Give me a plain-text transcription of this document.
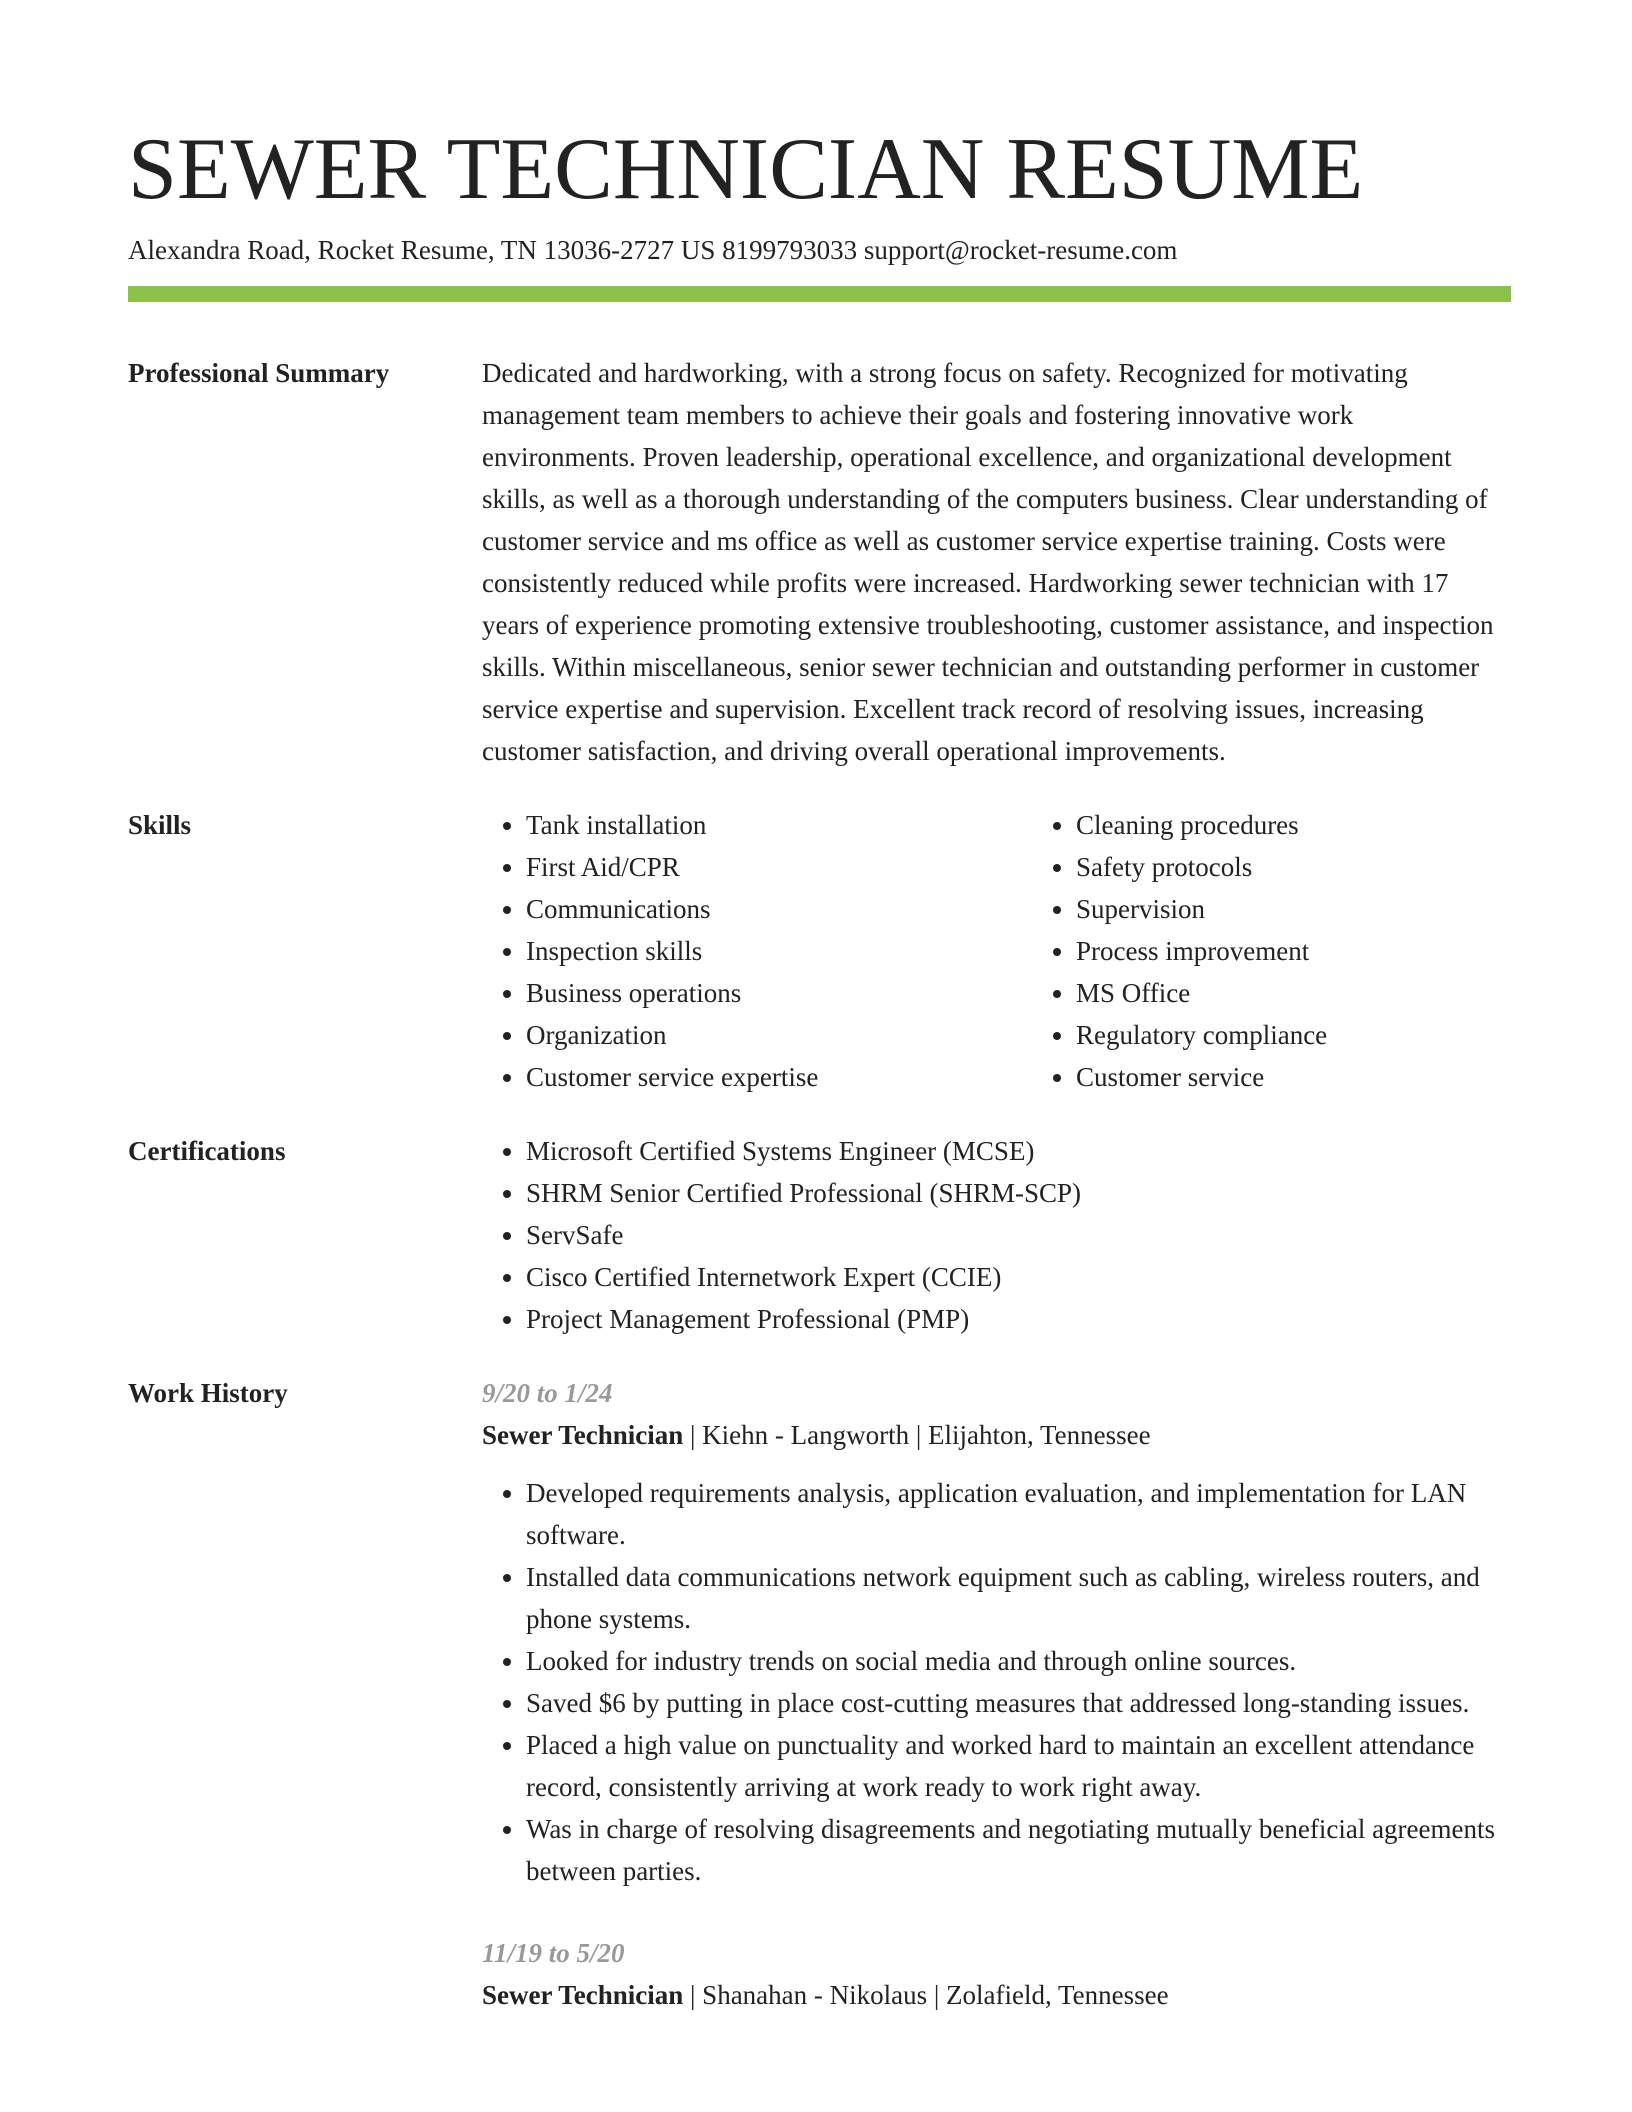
SEWER TECHNICIAN RESUME
Alexandra Road, Rocket Resume, TN 13036-2727 US 8199793033 support@rocket-resume.com
Professional Summary	Dedicated and hardworking, with a strong focus on safety. Recognized for motivating management team members to achieve their goals and fostering innovative work environments. Proven leadership, operational excellence, and organizational development skills, as well as a thorough understanding of the computers business. Clear understanding of customer service and ms office as well as customer service expertise training. Costs were consistently reduced while profits were increased. Hardworking sewer technician with 17 years of experience promoting extensive troubleshooting, customer assistance, and inspection skills. Within miscellaneous, senior sewer technician and outstanding performer in customer service expertise and supervision. Excellent track record of resolving issues, increasing customer satisfaction, and driving overall operational improvements.

Skills	• Tank installation
• First Aid/CPR
• Communications
• Inspection skills
• Business operations
• Organization
• Customer service expertise
• Cleaning procedures
• Safety protocols
• Supervision
• Process improvement
• MS Office
• Regulatory compliance
• Customer service
Certifications	• Microsoft Certified Systems Engineer (MCSE)
• SHRM Senior Certified Professional (SHRM-SCP)
• ServSafe
• Cisco Certified Internetwork Expert (CCIE)
• Project Management Professional (PMP)
Work History	9/20 to 1/24
Sewer Technician | Kiehn - Langworth | Elijahton, Tennessee
• Developed requirements analysis, application evaluation, and implementation for LAN software.
• Installed data communications network equipment such as cabling, wireless routers, and phone systems.
• Looked for industry trends on social media and through online sources.
• Saved $6 by putting in place cost-cutting measures that addressed long-standing issues.
• Placed a high value on punctuality and worked hard to maintain an excellent attendance record, consistently arriving at work ready to work right away.
• Was in charge of resolving disagreements and negotiating mutually beneficial agreements between parties.
11/19 to 5/20
Sewer Technician | Shanahan - Nikolaus | Zolafield, Tennessee
